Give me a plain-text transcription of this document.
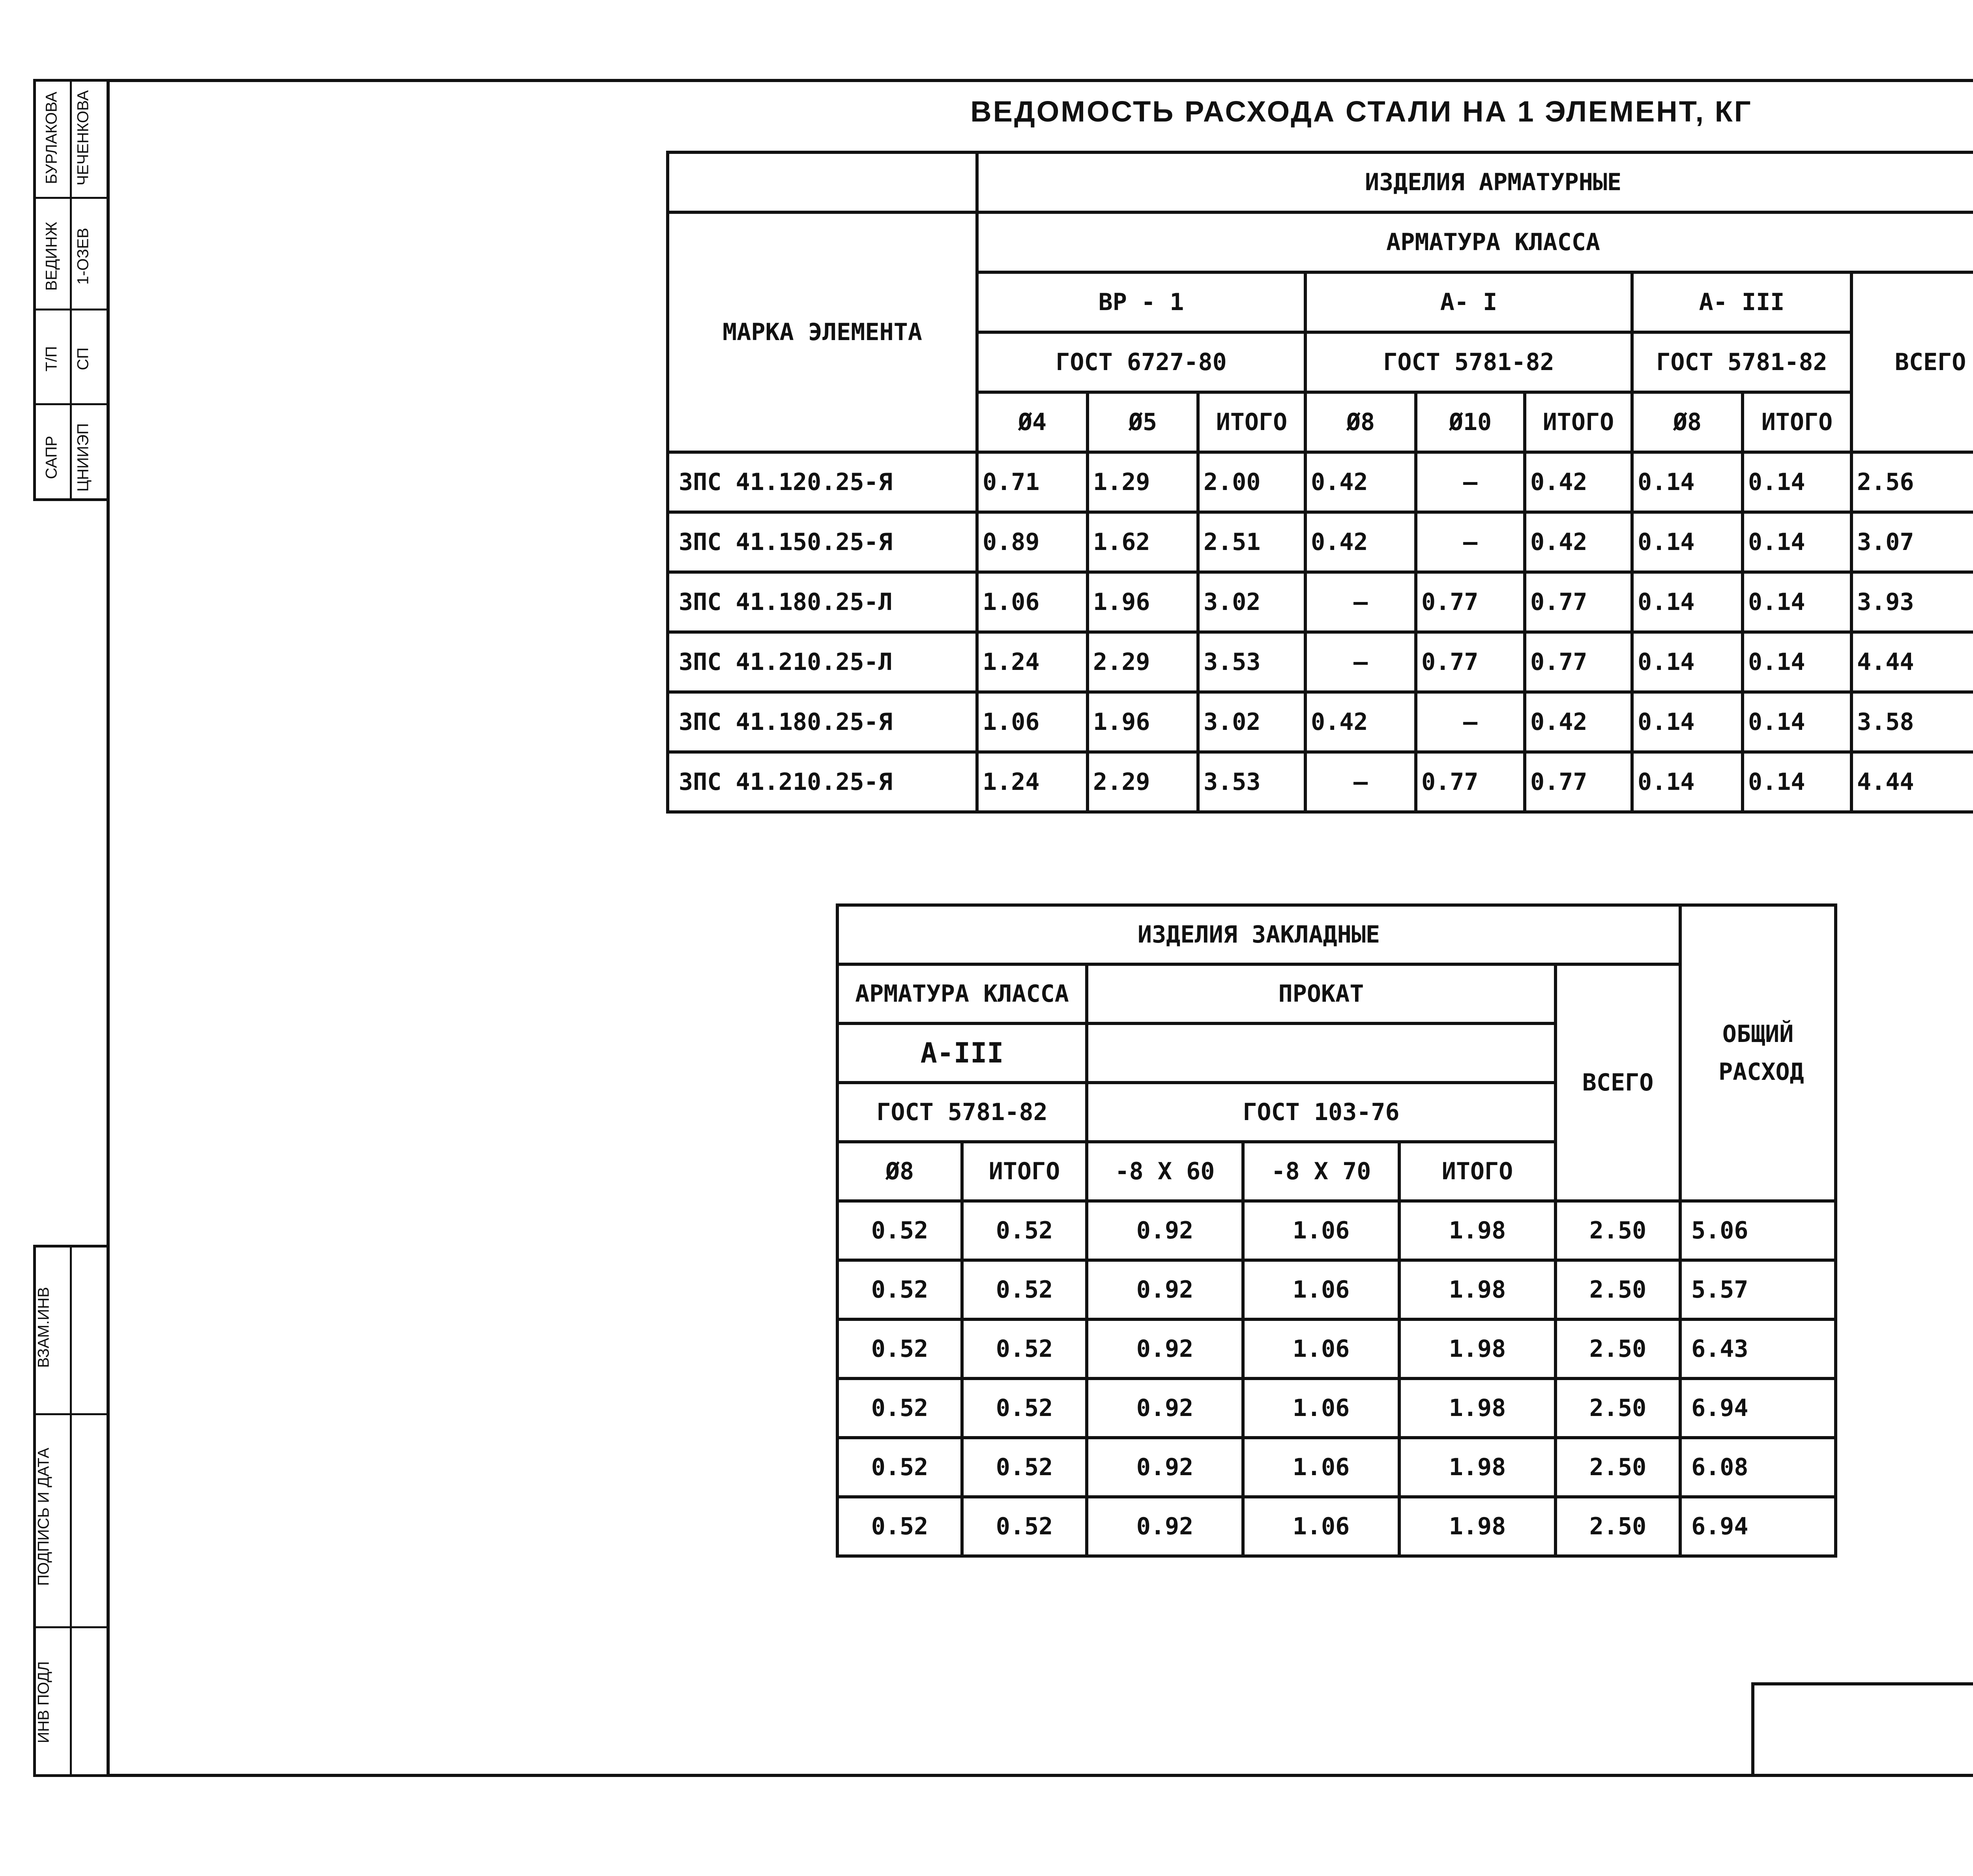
САПР
Т/П
ВЕДИНЖ
БУРЛАКОВА
ЦНИИЭП
СП
1-ОЗЕВ
ЧЕЧЕНКОВА
ВЗАМ.ИНВ
ПОДПИСЬ И ДАТА
ИНВ ПОДЛ
ВЕДОМОСТЬ РАСХОДА СТАЛИ НА 1 ЭЛЕМЕНТ, КГ
	ИЗДЕЛИЯ АРМАТУРНЫЕ								
МАРКА ЭЛЕМЕНТА	АРМАТУРА КЛАССА								
	ВР - 1			А- I			А- III		ВСЕГО
	ГОСТ 6727-80			ГОСТ 5781-82			ГОСТ 5781-82		
	Ø4	Ø5	ИТОГО	Ø8	Ø10	ИТОГО	Ø8	ИТОГО	
ЗПС 41.120.25-Я	0.71	1.29	2.00	0.42	–	0.42	0.14	0.14	2.56
ЗПС 41.150.25-Я	0.89	1.62	2.51	0.42	–	0.42	0.14	0.14	3.07
ЗПС 41.180.25-Л	1.06	1.96	3.02	–	0.77	0.77	0.14	0.14	3.93
ЗПС 41.210.25-Л	1.24	2.29	3.53	–	0.77	0.77	0.14	0.14	4.44
ЗПС 41.180.25-Я	1.06	1.96	3.02	0.42	–	0.42	0.14	0.14	3.58
ЗПС 41.210.25-Я	1.24	2.29	3.53	–	0.77	0.77	0.14	0.14	4.44
ИЗДЕЛИЯ ЗАКЛАДНЫЕ						ОБЩИЙ РАСХОД
АРМАТУРА КЛАССА		ПРОКАТ			ВСЕГО	
А-III						
ГОСТ 5781-82		ГОСТ 103-76				
Ø8	ИТОГО	-8 Х 60	-8 Х 70	ИТОГО		
0.52	0.52	0.92	1.06	1.98	2.50	5.06
0.52	0.52	0.92	1.06	1.98	2.50	5.57
0.52	0.52	0.92	1.06	1.98	2.50	6.43
0.52	0.52	0.92	1.06	1.98	2.50	6.94
0.52	0.52	0.92	1.06	1.98	2.50	6.08
0.52	0.52	0.92	1.06	1.98	2.50	6.94
